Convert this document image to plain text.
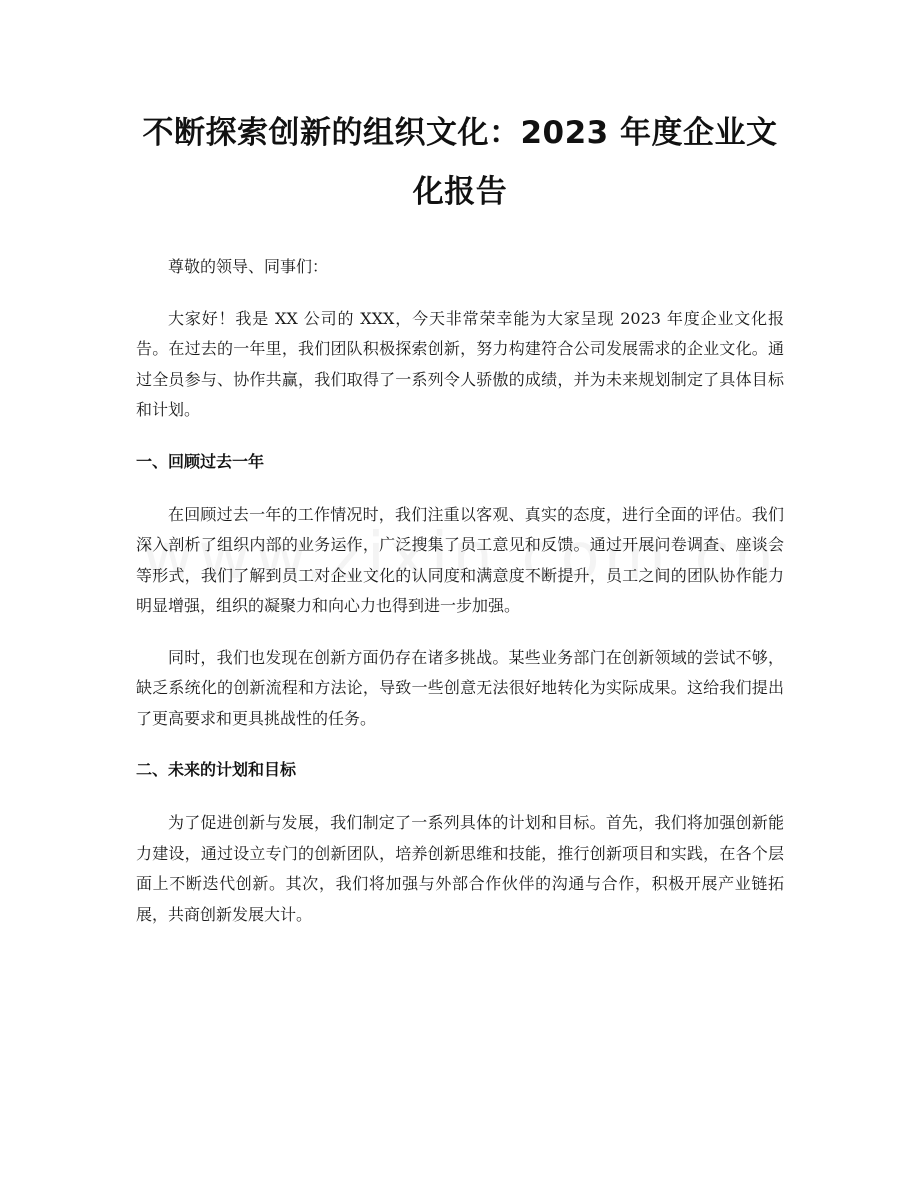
不断探索创新的组织文化：2023 年度企业文化报告

尊敬的领导、同事们：

大家好！我是 XX 公司的 XXX，今天非常荣幸能为大家呈现 2023 年度企业文化报告。在过去的一年里，我们团队积极探索创新，努力构建符合公司发展需求的企业文化。通过全员参与、协作共赢，我们取得了一系列令人骄傲的成绩，并为未来规划制定了具体目标和计划。

一、回顾过去一年

在回顾过去一年的工作情况时，我们注重以客观、真实的态度，进行全面的评估。我们深入剖析了组织内部的业务运作，广泛搜集了员工意见和反馈。通过开展问卷调查、座谈会等形式，我们了解到员工对企业文化的认同度和满意度不断提升，员工之间的团队协作能力明显增强，组织的凝聚力和向心力也得到进一步加强。

同时，我们也发现在创新方面仍存在诸多挑战。某些业务部门在创新领域的尝试不够，缺乏系统化的创新流程和方法论，导致一些创意无法很好地转化为实际成果。这给我们提出了更高要求和更具挑战性的任务。

二、未来的计划和目标

为了促进创新与发展，我们制定了一系列具体的计划和目标。首先，我们将加强创新能力建设，通过设立专门的创新团队，培养创新思维和技能，推行创新项目和实践，在各个层面上不断迭代创新。其次，我们将加强与外部合作伙伴的沟通与合作，积极开展产业链拓展，共商创新发展大计。
